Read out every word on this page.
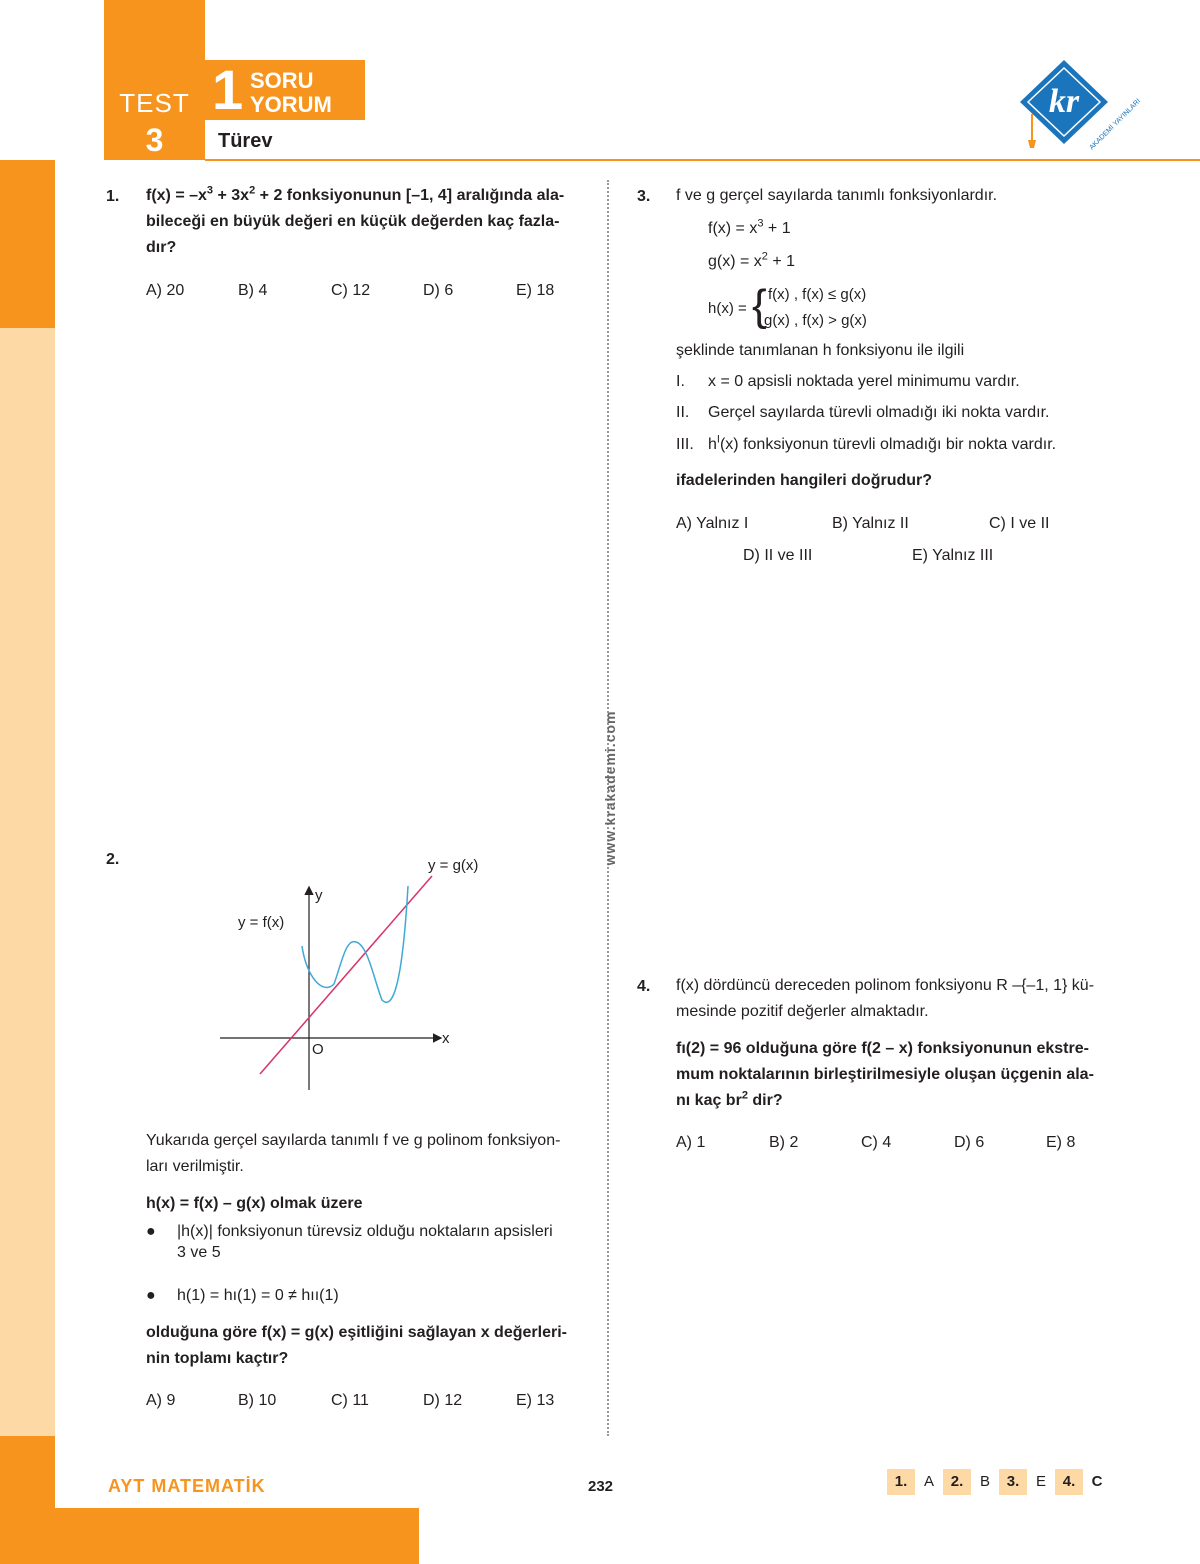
TEST
3
1 SORU
YORUM
Türev
kr AKADEMİ YAYINLARI
www.krakademi.com
1. $f(x) = -x^3 + 3x^2 + 2$ fonksiyonunun [–1, 4] aralığında ala-
bileceği en büyük değeri en küçük değerden kaç fazla-
dır?
A) 20	B) 4	C) 12	D) 6	E) 18
2.	y = g(x)
y = f(x)
y
x
O
Yukarıda gerçel sayılarda tanımlı f ve g polinom fonksiyon-
ları verilmiştir.
h(x) = f(x) – g(x) olmak üzere
● |h(x)| fonksiyonun türevsiz olduğu noktaların apsisleri
3 ve 5
● h(1) = hı(1) = 0 ≠ hıı(1)
olduğuna göre f(x) = g(x) eşitliğini sağlayan x değerleri-
nin toplamı kaçtır?
A) 9	B) 10	C) 11	D) 12	E) 13
3. f ve g gerçel sayılarda tanımlı fonksiyonlardır.
$f(x) = x^3 + 1$
$g(x) = x^2 + 1$
h(x) = { f(x) , f(x) ≤ g(x)
g(x) , f(x) > g(x)
şeklinde tanımlanan h fonksiyonu ile ilgili
I. x = 0 apsisli noktada yerel minimumu vardır.
II. Gerçel sayılarda türevli olmadığı iki nokta vardır.
III. $h^I(x)$ fonksiyonun türevli olmadığı bir nokta vardır.
ifadelerinden hangileri doğrudur?
A) Yalnız I	B) Yalnız II	C) I ve II
D) II ve III	E) Yalnız III
4. f(x) dördüncü dereceden polinom fonksiyonu R –{–1, 1} kü-
mesinde pozitif değerler almaktadır.
fı(2) = 96 olduğuna göre f(2 – x) fonksiyonunun ekstre-
mum noktalarının birleştirilmesiyle oluşan üçgenin ala-
nı kaç $br^2$ dir?
A) 1	B) 2	C) 4	D) 6	E) 8
AYT MATEMATİK	232	1.	A	2.	B	3.	E	4.	C
